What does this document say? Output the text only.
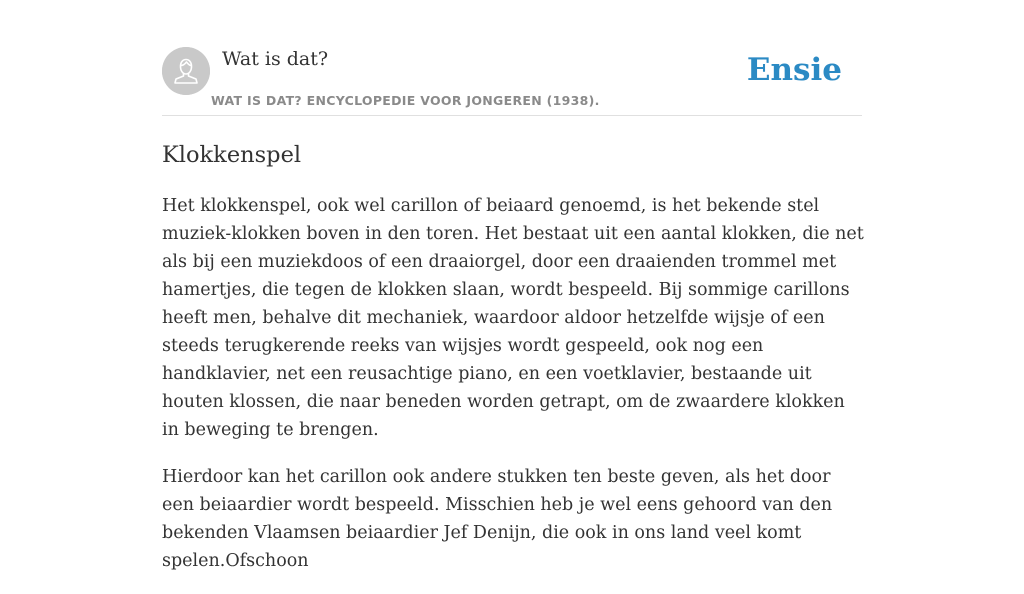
Wat is dat?
WAT IS DAT? ENCYCLOPEDIE VOOR JONGEREN (1938).
Ensie
Klokkenspel

Het klokkenspel, ook wel carillon of beiaard genoemd, is het bekende stel muziek-klokken boven in den toren. Het bestaat uit een aantal klokken, die net als bij een muziekdoos of een draaiorgel, door een draaienden trommel met hamertjes, die tegen de klokken slaan, wordt bespeeld. Bij sommige carillons heeft men, behalve dit mechaniek, waardoor aldoor hetzelfde wijsje of een steeds terugkerende reeks van wijsjes wordt gespeeld, ook nog een handklavier, net een reusachtige piano, en een voetklavier, bestaande uit houten klossen, die naar beneden worden getrapt, om de zwaardere klokken in beweging te brengen.

Hierdoor kan het carillon ook andere stukken ten beste geven, als het door een beiaardier wordt bespeeld. Misschien heb je wel eens gehoord van den bekenden Vlaamsen beiaardier Jef Denijn, die ook in ons land veel komt spelen.Ofschoon
